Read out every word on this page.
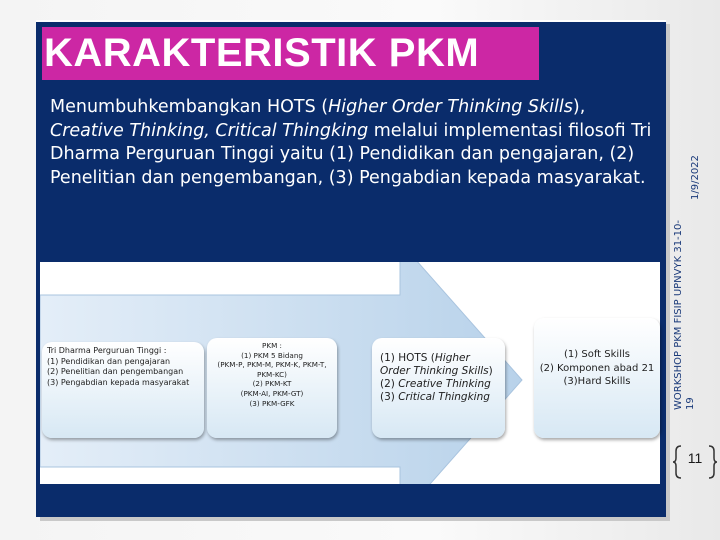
KARAKTERISTIK PKM

Menumbuhkembangkan HOTS (Higher Order Thinking Skills), Creative Thinking, Critical Thingking melalui implementasi filosofi Tri Dharma Perguruan Tinggi yaitu (1) Pendidikan dan pengajaran, (2) Penelitian dan pengembangan, (3) Pengabdian kepada masyarakat.

Tri Dharma Perguruan Tinggi :

(1) Pendidikan dan pengajaran

(2) Penelitian dan pengembangan

(3) Pengabdian kepada masyarakat

PKM :

(1) PKM 5 Bidang

(PKM-P, PKM-M, PKM-K, PKM-T, PKM-KC)

(2) PKM-KT

(PKM-AI, PKM-GT)

(3) PKM-GFK

(1) HOTS (Higher Order Thinking Skills)

(2) Creative Thinking

(3) Critical Thingking

(1) Soft Skills

(2) Komponen abad 21

(3)Hard Skills

1/9/2022
WORKSHOP PKM FISIP UPNVYK 31-10-19
11
